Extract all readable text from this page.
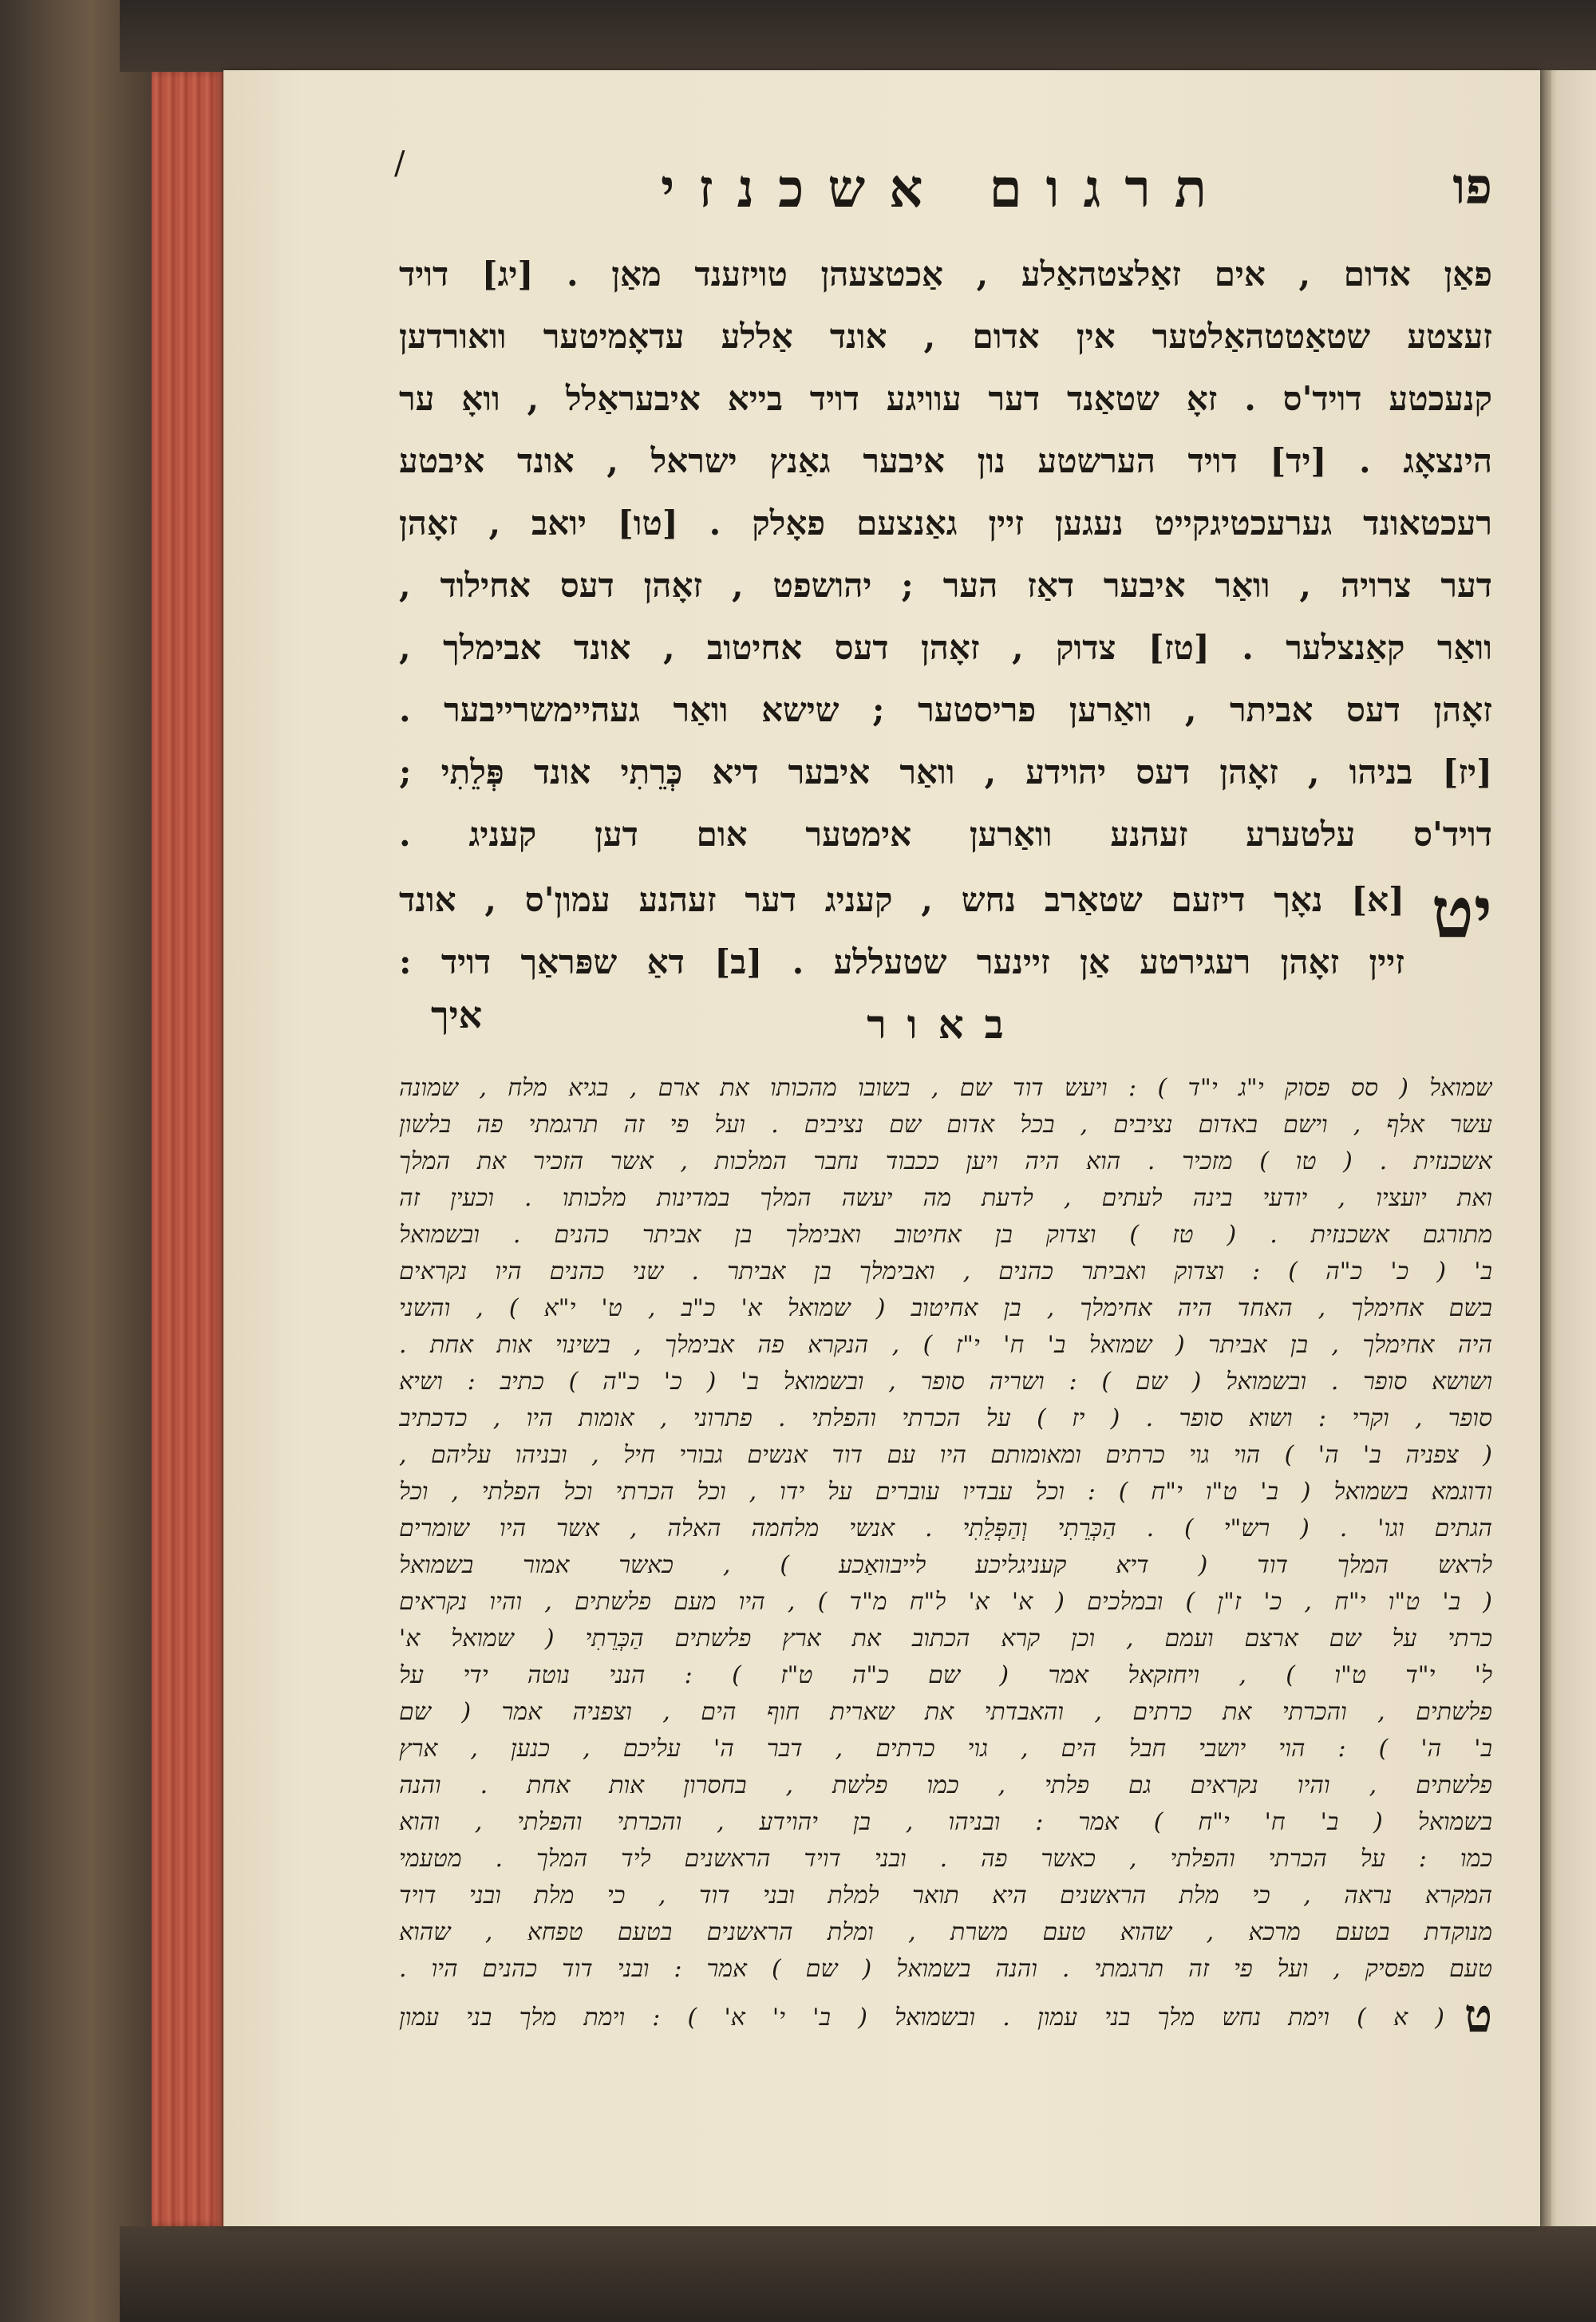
תרגום אשכנזי	פו
/
פאַן אדום , אים זאַלצטהאַלע , אַכטצעהן טויזענד מאַן . [יג] דויד
זעצטע שטאַטטהאַלטער אין אדום , אונד אַללע עדאָמיטער וואורדען
קנעכטע דויד'ס . זאָ שטאַנד דער עוויגע דויד בייא איבעראַלל , וואָ ער
הינצאָג . [יד] דויד הערשטע נון איבער גאַנץ ישראל , אונד איבטע
רעכטאונד גערעכטיגקייט נעגען זיין גאַנצעם פאָלק . [טו] יואב , זאָהן
דער צרויה , וואַר איבער דאַז הער ; יהושפט , זאָהן דעס אחילוד ,
וואַר קאַנצלער . [טז] צדוק , זאָהן דעס אחיטוב , אונד אבימלך ,
זאָהן דעס אביתר , וואַרען פריסטער ; שישא וואַר געהיימשרייבער .
[יז] בניהו , זאָהן דעס יהוידע , וואַר איבער דיא כְּרֵתִי אונד פְּלֵתִי ;
דויד'ס עלטערע זעהנע וואַרען אימטער אום דען קעניג .
יט
[א] נאָך דיזעם שטאַרב נחש , קעניג דער זעהנע עמון'ס , אונד
זיין זאָהן רעגירטע אַן זיינער שטעללע . [ב] דאַ שפּראַך דויד :
באור
איך
שמואל ( סס פסוק י"ג י"ד ) : ויעש דוד שם , בשובו מהכותו את ארם , בגיא מלח , שמונה
עשר אלף , וישם באדום נציבים , בכל אדום שם נציבים . ועל פי זה תרגמתי פה בלשון
אשכנזית . ( טו ) מזכיר . הוא היה ויען ככבוד נחבר המלכות , אשר הזכיר את המלך
ואת יועציו , יודעי בינה לעתים , לדעת מה יעשה המלך במדינות מלכותו . וכעין זה
מתורגם אשכנזית . ( טז ) וצדוק בן אחיטוב ואבימלך בן אביתר כהנים . ובשמואל
ב' ( כ' כ"ה ) : וצדוק ואביתר כהנים , ואבימלך בן אביתר . שני כהנים היו נקראים
בשם אחימלך , האחד היה אחימלך , בן אחיטוב ( שמואל א' כ"ב , ט' י"א ) , והשני
היה אחימלך , בן אביתר ( שמואל ב' ח' י"ז ) , הנקרא פה אבימלך , בשינוי אות אחת .
ושושא סופר . ובשמואל ( שם ) : ושריה סופר , ובשמואל ב' ( כ' כ"ה ) כתיב : ושיא
סופר , וקרי : ושוא סופר . ( יז ) על הכרתי והפלתי . פתרוני , אומות היו , כדכתיב
( צפניה ב' ה' ) הוי גוי כרתים ומאומותם היו עם דוד אנשים גבורי חיל , ובניהו עליהם ,
ודוגמא בשמואל ( ב' ט"ו י"ח ) : וכל עבדיו עוברים על ידו , וכל הכרתי וכל הפלתי , וכל
הגתים וגו' . ( רש"י ) . הַכְּרֵתִי וְהַפְּלֵתִי . אנשי מלחמה האלה , אשר היו שומרים
לראש המלך דוד ( דיא קעניגליכע לייבוואַכע ) , כאשר אמור בשמואל
( ב' ט"ו י"ח , כ' ז"ן ) ובמלכים ( א' א' ל"ח מ"ד ) , היו מעם פלשתים , והיו נקראים
כרתי על שם ארצם ועמם , וכן קרא הכתוב את ארץ פלשתים הַכְּרֵתִי ( שמואל א'
ל' י"ד ט"ו ) , ויחזקאל אמר ( שם כ"ה ט"ז ) : הנני נוטה ידי על
פלשתים , והכרתי את כרתים , והאבדתי את שארית חוף הים , וצפניה אמר ( שם
ב' ה' ) : הוי יושבי חבל הים , גוי כרתים , דבר ה' עליכם , כנען , ארץ
פלשתים , והיו נקראים גם פלתי , כמו פלשת , בחסרון אות אחת . והנה
בשמואל ( ב' ח' י"ח ) אמר : ובניהו , בן יהוידע , והכרתי והפלתי , והוא
כמו : על הכרתי והפלתי , כאשר פה . ובני דויד הראשנים ליד המלך . מטעמי
המקרא נראה , כי מלת הראשנים היא תואר למלת ובני דוד , כי מלת ובני דויד
מנוקדת בטעם מרכא , שהוא טעם משרת , ומלת הראשנים בטעם טפחא , שהוא
טעם מפסיק , ועל פי זה תרגמתי . והנה בשמואל ( שם ) אמר : ובני דוד כהנים היו .
ט
( א ) וימת נחש מלך בני עמון . ובשמואל ( ב' י' א' ) : וימת מלך בני עמון
